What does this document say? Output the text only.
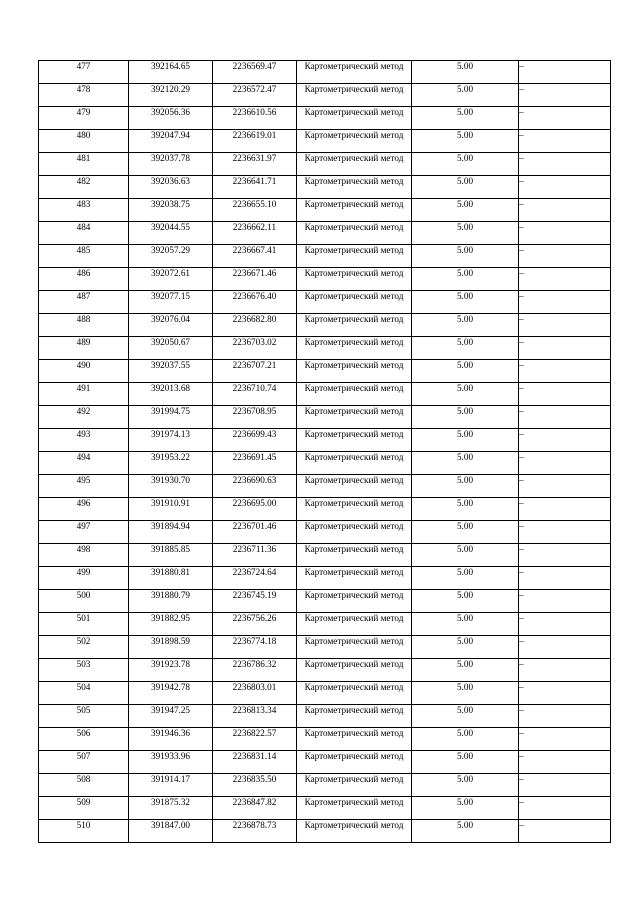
477	392164.65	2236569.47	Картометрический метод	5.00	–
478	392120.29	2236572.47	Картометрический метод	5.00	–
479	392056.36	2236610.56	Картометрический метод	5.00	–
480	392047.94	2236619.01	Картометрический метод	5.00	–
481	392037.78	2236631.97	Картометрический метод	5.00	–
482	392036.63	2236641.71	Картометрический метод	5.00	–
483	392038.75	2236655.10	Картометрический метод	5.00	–
484	392044.55	2236662.11	Картометрический метод	5.00	–
485	392057.29	2236667.41	Картометрический метод	5.00	–
486	392072.61	2236671.46	Картометрический метод	5.00	–
487	392077.15	2236676.40	Картометрический метод	5.00	–
488	392076.04	2236682.80	Картометрический метод	5.00	–
489	392050.67	2236703.02	Картометрический метод	5.00	–
490	392037.55	2236707.21	Картометрический метод	5.00	–
491	392013.68	2236710.74	Картометрический метод	5.00	–
492	391994.75	2236708.95	Картометрический метод	5.00	–
493	391974.13	2236699.43	Картометрический метод	5.00	–
494	391953.22	2236691.45	Картометрический метод	5.00	–
495	391930.70	2236690.63	Картометрический метод	5.00	–
496	391910.91	2236695.00	Картометрический метод	5.00	–
497	391894.94	2236701.46	Картометрический метод	5.00	–
498	391885.85	2236711.36	Картометрический метод	5.00	–
499	391880.81	2236724.64	Картометрический метод	5.00	–
500	391880.79	2236745.19	Картометрический метод	5.00	–
501	391882.95	2236756.26	Картометрический метод	5.00	–
502	391898.59	2236774.18	Картометрический метод	5.00	–
503	391923.78	2236786.32	Картометрический метод	5.00	–
504	391942.78	2236803.01	Картометрический метод	5.00	–
505	391947.25	2236813.34	Картометрический метод	5.00	–
506	391946.36	2236822.57	Картометрический метод	5.00	–
507	391933.96	2236831.14	Картометрический метод	5.00	–
508	391914.17	2236835.50	Картометрический метод	5.00	–
509	391875.32	2236847.82	Картометрический метод	5.00	–
510	391847.00	2236878.73	Картометрический метод	5.00	–
